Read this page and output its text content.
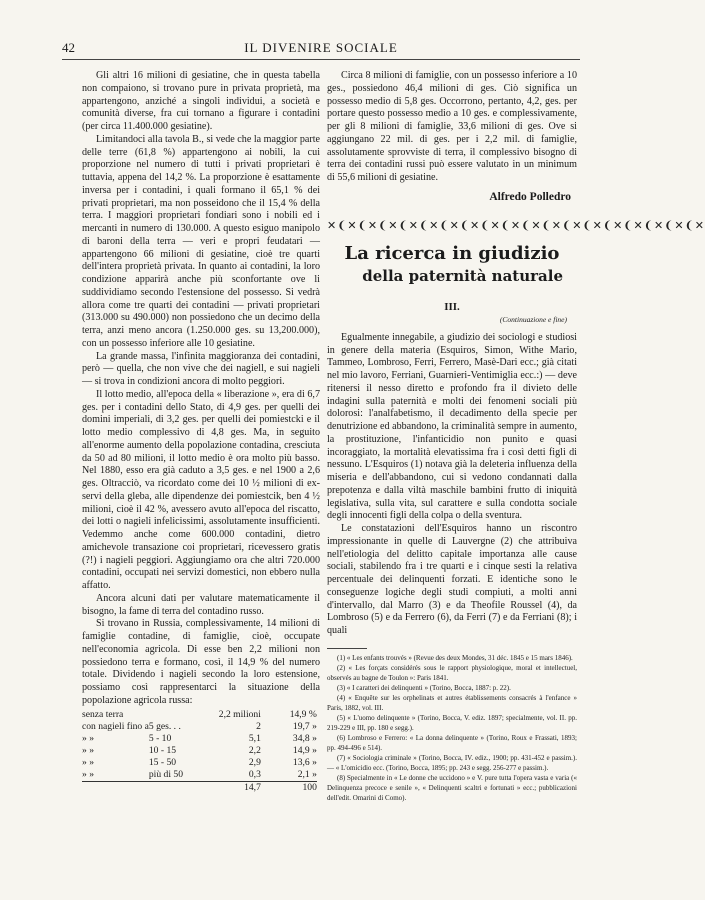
42	IL DIVENIRE SOCIALE

Gli altri 16 milioni di gesiatine, che in questa tabella non compaiono, si trovano pure in privata proprietà, ma appartengono, anziché a singoli individui, a società e comunità diverse, fra cui tornano a figurare i contadini (per circa 11.400.000 gesiatine).

Limitandoci alla tavola B., si vede che la maggior parte delle terre (61,8 %) appartengono ai nobili, la cui proporzione nel numero di tutti i privati proprietari è tuttavia, appena del 14,2 %. La proporzione è esattamente inversa per i contadini, i quali formano il 65,1 % dei privati proprietari, ma non posseidono che il 15,4 % della terra. I maggiori proprietari fondiari sono i nobili ed i mercanti in numero di 130.000. A questo esiguo manipolo di baroni della terra — veri e propri feudatari — appartengono 66 milioni di gesiatine, cioè tre quarti dell'intera proprietà privata. In quanto ai contadini, la loro condizione apparirà anche più sconfortante ove li suddividiamo secondo l'estensione del possesso. Si vedrà allora come tre quarti dei contadini — privati proprietari (313.000 su 490.000) non possiedono che un decimo della terra, anzi meno ancora (1.250.000 ges. su 13,200.000), con un possesso inferiore alle 10 gesiatine.

La grande massa, l'infinita maggioranza dei contadini, però — quella, che non vive che dei nagiell, e sui nagieli — si trova in condizioni ancora di molto peggiori.

Il lotto medio, all'epoca della « liberazione », era di 6,7 ges. per i contadini dello Stato, di 4,9 ges. per quelli dei domini imperiali, di 3,2 ges. per quelli dei pomiestcki e il lotto medio complessivo di 4,8 ges. Ma, in seguito all'enorme aumento della popolazione contadina, cresciuta da 50 ad 80 milioni, il lotto medio è ora molto più basso. Nel 1880, esso era già caduto a 3,5 ges. e nel 1900 a 2,6 ges. Oltracciò, va ricordato come dei 10 ½ milioni di ex-servi della gleba, alle dipendenze dei pomiestcik, ben 4 ½ milioni, cioè il 42 %, avessero avuto all'epoca del riscatto, dei lotti o nagieli infelicissimi, assolutamente insufficienti. Vedemmo anche come 600.000 contadini, dietro amichevole transazione coi proprietari, ricevessero gratis (?!) i nagieli peggiori. Aggiungiamo ora che altri 720.000 contadini, occupati nei servizi domestici, non ebbero nulla affatto.

Ancora alcuni dati per valutare matematicamente il bisogno, la fame di terra del contadino russo.

Si trovano in Russia, complessivamente, 14 milioni di famiglie contadine, di famiglie, cioè, occupate nell'economia agricola. Di esse ben 2,2 milioni non possiedono terra e formano, così, il 14,9 % del numero totale. Dividendo i nagieli secondo la loro estensione, possiamo così rappresentarci la situazione della popolazione agricola russa:

senza terra		2,2 milioni	14,9 %
con nagieli fino a	5 ges. . .	2	19,7 »
» »	5 - 10	5,1	34,8 »
» »	10 - 15	2,2	14,9 »
» »	15 - 50	2,9	13,6 »
» »	più di 50	0,3	2,1 »
		14,7	100

Circa 8 milioni di famiglie, con un possesso inferiore a 10 ges., possiedono 46,4 milioni di ges. Ciò significa un possesso medio di 5,8 ges. Occorrono, pertanto, 4,2, ges. per portare questo possesso medio a 10 ges. e complessivamente, per gli 8 milioni di famiglie, 33,6 milioni di ges. Ove si aggiungano 22 mil. di ges. per i 2,2 mil. di famiglie, assolutamente sprovviste di terra, il complessivo bisogno di terra dei contadini russi può essere valutato in un minimum di 55,6 milioni di gesiatine.

Alfredo Polledro
✕❨✕❨✕❨✕❨✕❨✕❨✕❨✕❨✕❨✕❨✕❨✕❨✕❨✕❨✕❨✕❨✕❨✕❨✕
La ricerca in giudizio
della paternità naturale
III.
(Continuazione e fine)

Egualmente innegabile, a giudizio dei sociologi e studiosi in genere della materia (Esquiros, Simon, Withe Mario, Tammeo, Lombroso, Ferri, Ferrero, Masè-Dari ecc.; già citati nel mio lavoro, Ferriani, Guarnieri-Ventimiglia ecc.:) — deve ritenersi il nesso diretto e profondo fra il divieto delle indagini sulla paternità e molti dei fenomeni sociali più dolorosi: l'analfabetismo, il decadimento della specie per denutrizione ed abbandono, la criminalità sempre in aumento, la prostituzione, l'infanticidio non punito e quasi incoraggiato, la mortalità elevatissima fra i così detti figli di nessuno. L'Esquiros (1) notava già la deleteria influenza della miseria e dell'abbandono, cui si vedono condannati dalla prepotenza e dalla viltà maschile bambini frutto di iniquità legislativa, sulla vita, sul carattere e sulla condotta sociale degli innocenti figli della colpa o della sventura.

Le constatazioni dell'Esquiros hanno un riscontro impressionante in quelle di Lauvergne (2) che attribuiva nell'etiologia del delitto capitale importanza alle cause sociali, stabilendo fra i tre quarti e i cinque sesti la relativa percentuale dei delinquenti forzati. E identiche sono le conseguenze logiche degli studi compiuti, a molti anni d'intervallo, dal Marro (3) e da Theofile Roussel (4), da Lombroso (5) e da Ferrero (6), da Ferri (7) e da Ferriani (8); i quali

(1) « Les enfants trouvés » (Revue des deux Mondes, 31 déc. 1845 e 15 mars 1846).

(2) « Les forçats considérés sous le rapport physiologique, moral et intellectuel, observés au bagne de Toulon »: Paris 1841.

(3) « I caratteri dei delinquenti » (Torino, Bocca, 1887: p. 22).

(4) « Enquête sur les orphelinats et autres établissements consacrés à l'enfance » Paris, 1882, vol. III.

(5) « L'uomo delinquente » (Torino, Bocca, V. ediz. 1897; specialmente, vol. II. pp. 219-229 e III, pp. 180 e segg.).

(6) Lombroso e Ferrero: « La donna delinquente » (Torino, Roux e Frassati, 1893; pp. 494-496 e 514).

(7) « Sociologia criminale » (Torino, Bocca, IV. ediz., 1900; pp. 431-452 e passim.). — « L'omicidio ecc. (Torino, Bocca, 1895; pp. 243 e segg. 256-277 e passim.).

(8) Specialmente in « Le donne che uccidono » e V. pure tutta l'opera vasta e varia (« Delinquenza precoce e senile », « Delinquenti scaltri e fortunati » ecc.; pubblicazioni dell'edit. Omarini di Como).
